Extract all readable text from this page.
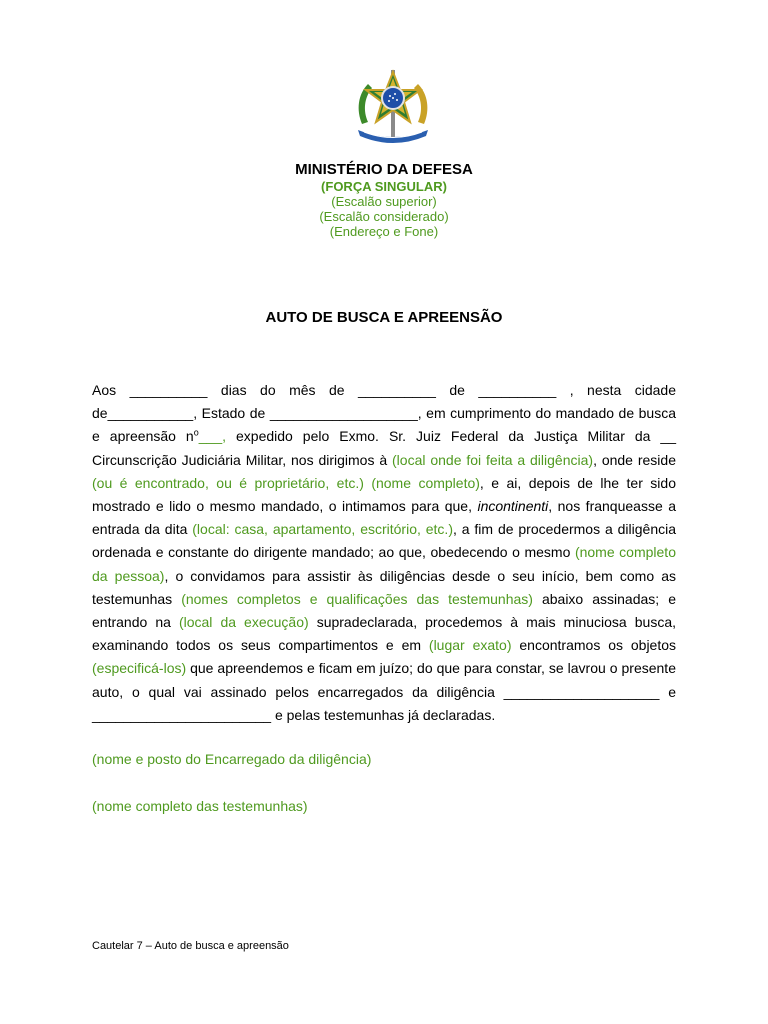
MINISTÉRIO DA DEFESA
(FORÇA SINGULAR)
(Escalão superior)
(Escalão considerado)
(Endereço e Fone)
AUTO DE BUSCA E APREENSÃO
Aos __________ dias do mês de __________ de __________ , nesta cidade de___________, Estado de ___________________, em cumprimento do mandado de busca e apreensão $n^o\_\_\_$, expedido pelo Exmo. Sr. Juiz Federal da Justiça Militar da __ Circunscrição Judiciária Militar, nos dirigimos à (local onde foi feita a diligência), onde reside (ou é encontrado, ou é proprietário, etc.) (nome completo), e ai, depois de lhe ter sido mostrado e lido o mesmo mandado, o intimamos para que, incontinenti, nos franqueasse a entrada da dita (local: casa, apartamento, escritório, etc.), a fim de procedermos a diligência ordenada e constante do dirigente mandado; ao que, obedecendo o mesmo (nome completo da pessoa), o convidamos para assistir às diligências desde o seu início, bem como as testemunhas (nomes completos e qualificações das testemunhas) abaixo assinadas; e entrando na (local da execução) supradeclarada, procedemos à mais minuciosa busca, examinando todos os seus compartimentos e em (lugar exato) encontramos os objetos (especificá-los) que apreendemos e ficam em juízo; do que para constar, se lavrou o presente auto, o qual vai assinado pelos encarregados da diligência ____________________ e _______________________ e pelas testemunhas já declaradas.
(nome e posto do Encarregado da diligência)
(nome completo das testemunhas)
Cautelar 7 – Auto de busca e apreensão
